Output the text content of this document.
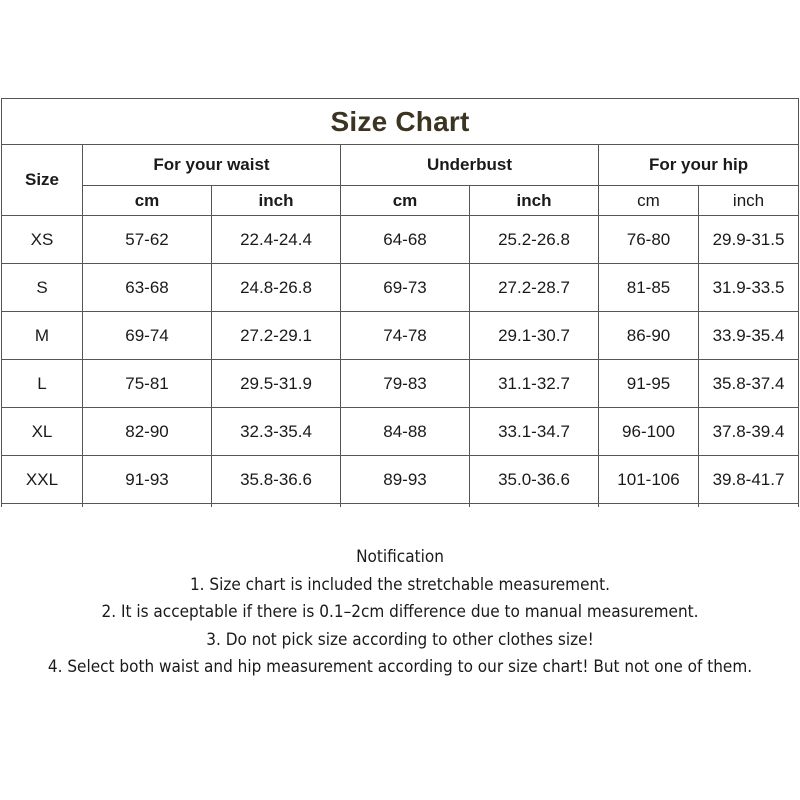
Size Chart						
Size	For your waist		Underbust		For your hip	
	cm	inch	cm	inch	cm	inch
XS	57-62	22.4-24.4	64-68	25.2-26.8	76-80	29.9-31.5
S	63-68	24.8-26.8	69-73	27.2-28.7	81-85	31.9-33.5
M	69-74	27.2-29.1	74-78	29.1-30.7	86-90	33.9-35.4
L	75-81	29.5-31.9	79-83	31.1-32.7	91-95	35.8-37.4
XL	82-90	32.3-35.4	84-88	33.1-34.7	96-100	37.8-39.4
XXL	91-93	35.8-36.6	89-93	35.0-36.6	101-106	39.8-41.7

Notification
1. Size chart is included the stretchable measurement.
2. It is acceptable if there is 0.1–2cm difference due to manual measurement.
3. Do not pick size according to other clothes size!
4. Select both waist and hip measurement according to our size chart! But not one of them.
